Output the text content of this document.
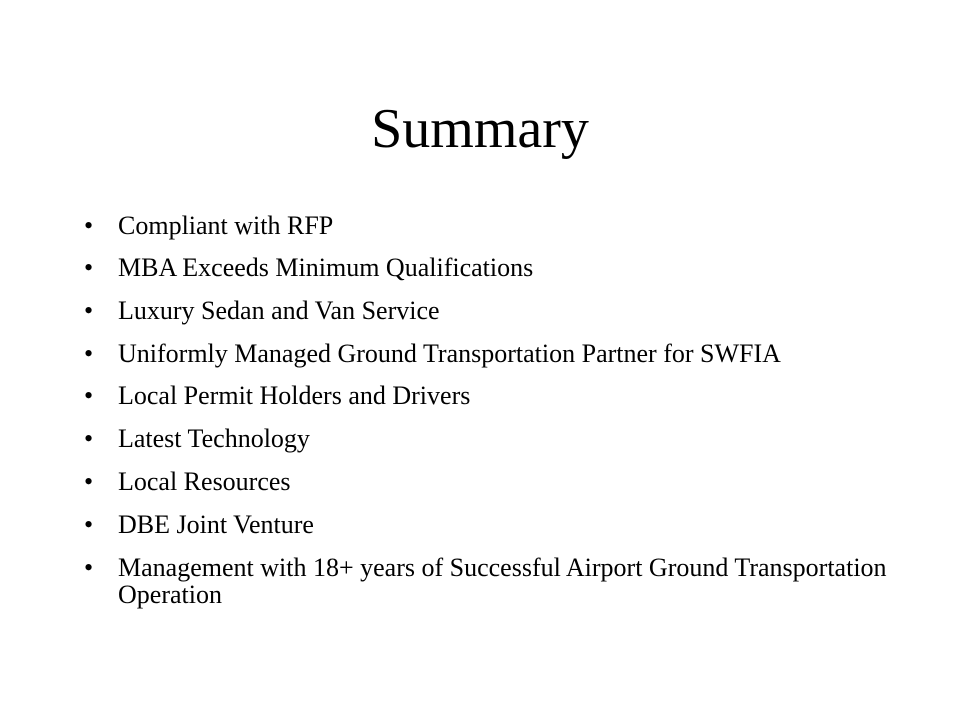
Summary
• Compliant with RFP
• MBA Exceeds Minimum Qualifications
• Luxury Sedan and Van Service
• Uniformly Managed Ground Transportation Partner for SWFIA
• Local Permit Holders and Drivers
• Latest Technology
• Local Resources
• DBE Joint Venture
• Management with 18+ years of Successful Airport Ground Transportation Operation
